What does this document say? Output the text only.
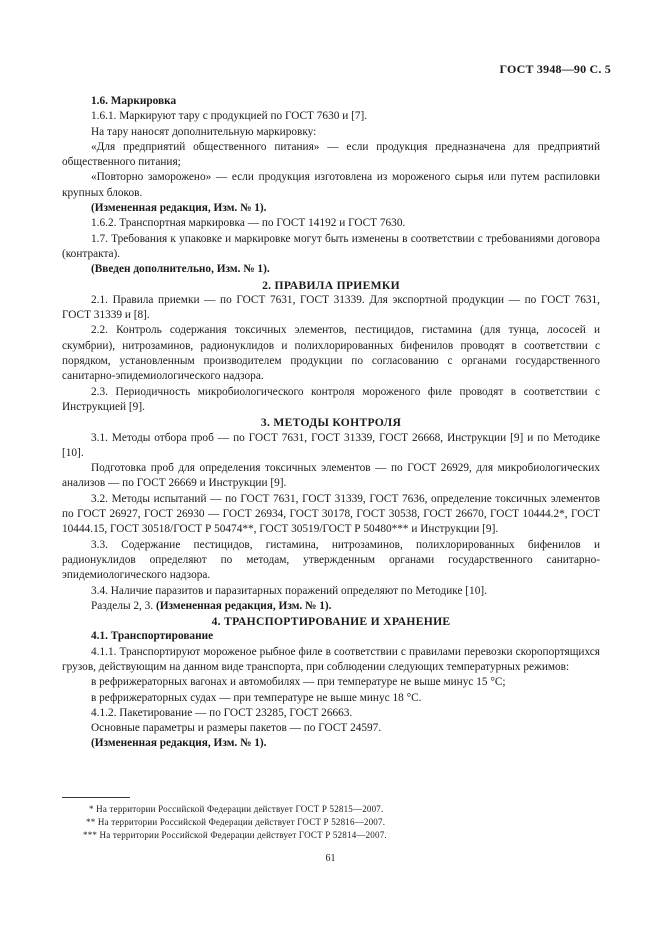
ГОСТ 3948—90 С. 5

1.6. Маркировка

1.6.1. Маркируют тару с продукцией по ГОСТ 7630 и [7].

На тару наносят дополнительную маркировку:

«Для предприятий общественного питания» — если продукция предназначена для предприятий общественного питания;

«Повторно заморожено» — если продукция изготовлена из мороженого сырья или путем распиловки крупных блоков.

(Измененная редакция, Изм. № 1).

1.6.2. Транспортная маркировка — по ГОСТ 14192 и ГОСТ 7630.

1.7. Требования к упаковке и маркировке могут быть изменены в соответствии с требованиями договора (контракта).

(Введен дополнительно, Изм. № 1).

2. ПРАВИЛА ПРИЕМКИ

2.1. Правила приемки — по ГОСТ 7631, ГОСТ 31339. Для экспортной продукции — по ГОСТ 7631, ГОСТ 31339 и [8].

2.2. Контроль содержания токсичных элементов, пестицидов, гистамина (для тунца, лососей и скумбрии), нитрозаминов, радионуклидов и полихлорированных бифенилов проводят в соответствии с порядком, установленным производителем продукции по согласованию с органами государственного санитарно-эпидемиологического надзора.

2.3. Периодичность микробиологического контроля мороженого филе проводят в соответствии с Инструкцией [9].

3. МЕТОДЫ КОНТРОЛЯ

3.1. Методы отбора проб — по ГОСТ 7631, ГОСТ 31339, ГОСТ 26668, Инструкции [9] и по Методике [10].

Подготовка проб для определения токсичных элементов — по ГОСТ 26929, для микробиологических анализов — по ГОСТ 26669 и Инструкции [9].

3.2. Методы испытаний — по ГОСТ 7631, ГОСТ 31339, ГОСТ 7636, определение токсичных элементов по ГОСТ 26927, ГОСТ 26930 — ГОСТ 26934, ГОСТ 30178, ГОСТ 30538, ГОСТ 26670, ГОСТ 10444.2*, ГОСТ 10444.15, ГОСТ 30518/ГОСТ Р 50474**, ГОСТ 30519/ГОСТ Р 50480*** и Инструкции [9].

3.3. Содержание пестицидов, гистамина, нитрозаминов, полихлорированных бифенилов и радионуклидов определяют по методам, утвержденным органами государственного санитарно-эпидемиологического надзора.

3.4. Наличие паразитов и паразитарных поражений определяют по Методике [10].

Разделы 2, 3. (Измененная редакция, Изм. № 1).

4. ТРАНСПОРТИРОВАНИЕ И ХРАНЕНИЕ

4.1. Транспортирование

4.1.1. Транспортируют мороженое рыбное филе в соответствии с правилами перевозки скоропортящихся грузов, действующим на данном виде транспорта, при соблюдении следующих температурных режимов:

в рефрижераторных вагонах и автомобилях — при температуре не выше минус 15 °С;

в рефрижераторных судах — при температуре не выше минус 18 °С.

4.1.2. Пакетирование — по ГОСТ 23285, ГОСТ 26663.

Основные параметры и размеры пакетов — по ГОСТ 24597.

(Измененная редакция, Изм. № 1).

* На территории Российской Федерации действует ГОСТ Р 52815—2007.

** На территории Российской Федерации действует ГОСТ Р 52816—2007.

*** На территории Российской Федерации действует ГОСТ Р 52814—2007.

61
